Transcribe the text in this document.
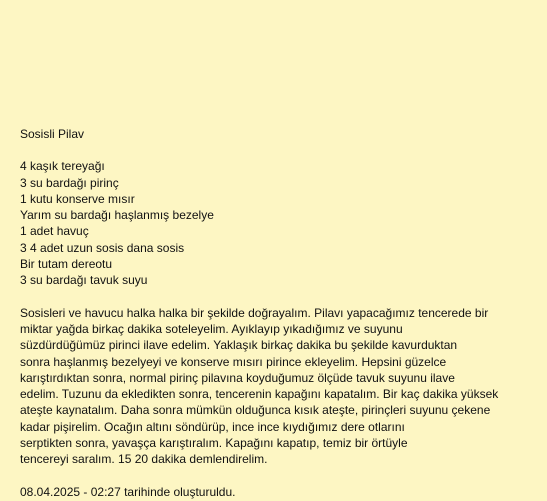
Sosisli Pilav

4 kaşık tereyağı
3 su bardağı pirinç
1 kutu konserve mısır
Yarım su bardağı haşlanmış bezelye
1 adet havuç
3 4 adet uzun sosis dana sosis
Bir tutam dereotu
3 su bardağı tavuk suyu

Sosisleri ve havucu halka halka bir şekilde doğrayalım. Pilavı yapacağımız tencerede bir
miktar yağda birkaç dakika soteleyelim. Ayıklayıp yıkadığımız ve suyunu
süzdürdüğümüz pirinci ilave edelim. Yaklaşık birkaç dakika bu şekilde kavurduktan
sonra haşlanmış bezelyeyi ve konserve mısırı pirince ekleyelim. Hepsini güzelce
karıştırdıktan sonra, normal pirinç pilavına koyduğumuz ölçüde tavuk suyunu ilave
edelim. Tuzunu da ekledikten sonra, tencerenin kapağını kapatalım. Bir kaç dakika yüksek
ateşte kaynatalım. Daha sonra mümkün olduğunca kısık ateşte, pirinçleri suyunu çekene
kadar pişirelim. Ocağın altını söndürüp, ince ince kıydığımız dere otlarını
serptikten sonra, yavaşça karıştıralım. Kapağını kapatıp, temiz bir örtüyle
tencereyi saralım. 15 20 dakika demlendirelim.

08.04.2025 - 02:27 tarihinde oluşturuldu.
